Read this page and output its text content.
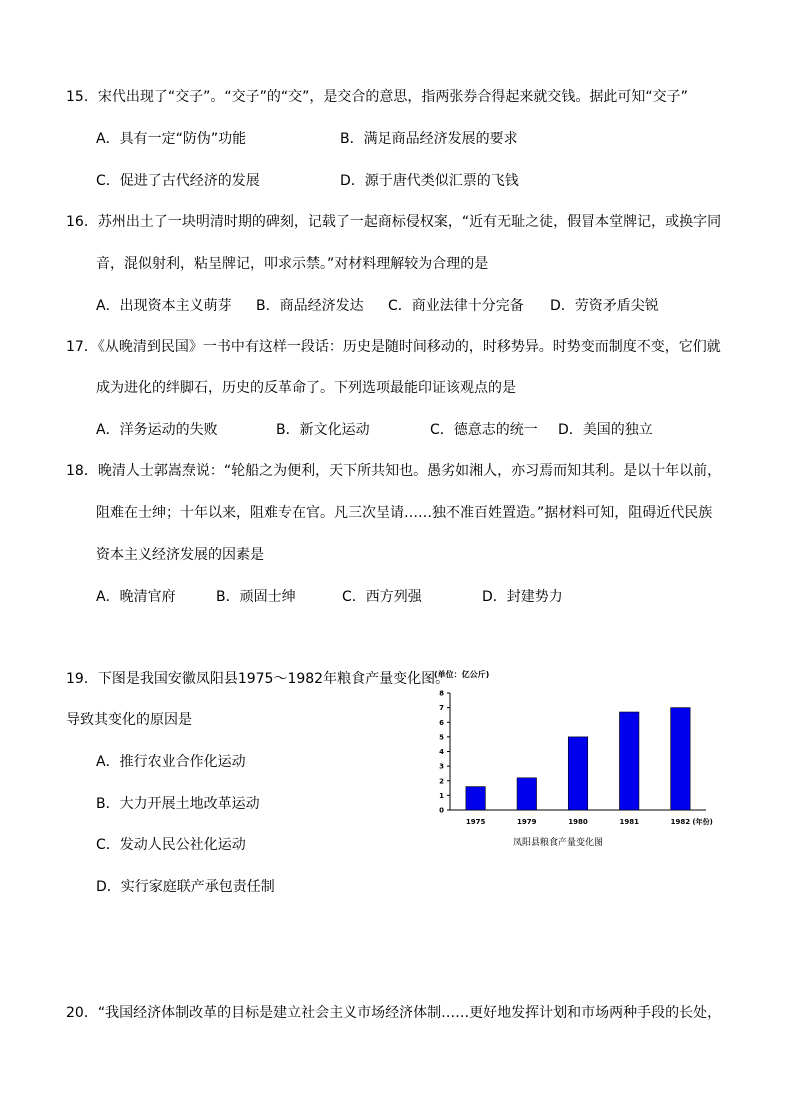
15．宋代出现了“交子”。“交子”的“交”，是交合的意思，指两张券合得起来就交钱。据此可知“交子”
A．具有一定“防伪”功能	B．满足商品经济发展的要求
C．促进了古代经济的发展	D．源于唐代类似汇票的飞钱
16．苏州出土了一块明清时期的碑刻，记载了一起商标侵权案，“近有无耻之徒，假冒本堂牌记，或换字同
音，混似射利，粘呈牌记，叩求示禁。”对材料理解较为合理的是
A．出现资本主义萌芽 B．商品经济发达 C．商业法律十分完备 D．劳资矛盾尖锐
17．《从晚清到民国》一书中有这样一段话：历史是随时间移动的，时移势异。时势变而制度不变，它们就
成为进化的绊脚石，历史的反革命了。下列选项最能印证该观点的是
A．洋务运动的失败	B．新文化运动	C．德意志的统一 D．美国的独立
18．晚清人士郭嵩焘说：“轮船之为便利，天下所共知也。愚劣如湘人，亦习焉而知其利。是以十年以前，
阻难在士绅；十年以来，阻难专在官。凡三次呈请……独不准百姓置造。”据材料可知，阻碍近代民族
资本主义经济发展的因素是
A．晚清官府	B．顽固士绅	C．西方列强	D．封建势力
19．下图是我国安徽凤阳县1975～1982年粮食产量变化图。
导致其变化的原因是
A．推行农业合作化运动
B．大力开展土地改革运动
C．发动人民公社化运动
D．实行家庭联产承包责任制
20．“我国经济体制改革的目标是建立社会主义市场经济体制……更好地发挥计划和市场两种手段的长处，
(单位：亿公斤)
0
1
2
3
4
5
6
7
8
1975	1979	1980	1981	1982 (年份)
凤阳县粮食产量变化图
